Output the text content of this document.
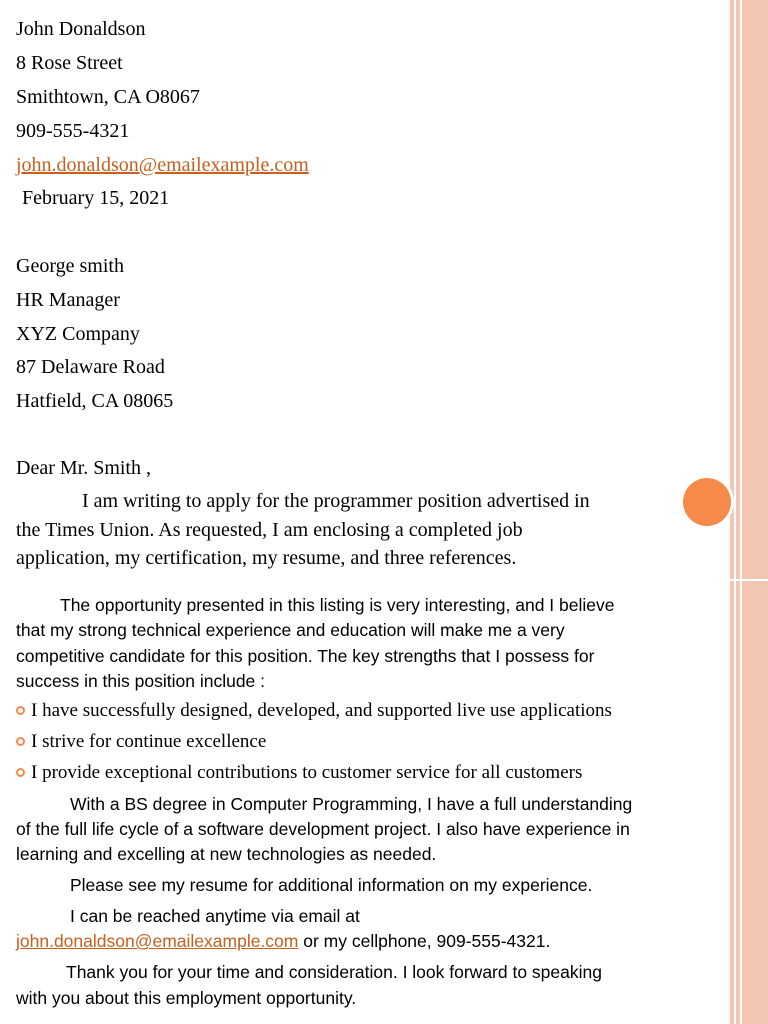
John Donaldson
8 Rose Street
Smithtown, CA O8067
909-555-4321
john.donaldson@emailexample.com
February 15, 2021
George smith
HR Manager
XYZ Company
87 Delaware Road
Hatfield, CA 08065
Dear Mr. Smith ,
I am writing to apply for the programmer position advertised in
the Times Union. As requested, I am enclosing a completed job
application, my certification, my resume, and three references.
The opportunity presented in this listing is very interesting, and I believe
that my strong technical experience and education will make me a very
competitive candidate for this position. The key strengths that I possess for
success in this position include :
I have successfully designed, developed, and supported live use applications
I strive for continue excellence
I provide exceptional contributions to customer service for all customers
With a BS degree in Computer Programming, I have a full understanding
of the full life cycle of a software development project. I also have experience in
learning and excelling at new technologies as needed.
Please see my resume for additional information on my experience.
I can be reached anytime via email at
john.donaldson@emailexample.com or my cellphone, 909-555-4321.
Thank you for your time and consideration. I look forward to speaking
with you about this employment opportunity.
